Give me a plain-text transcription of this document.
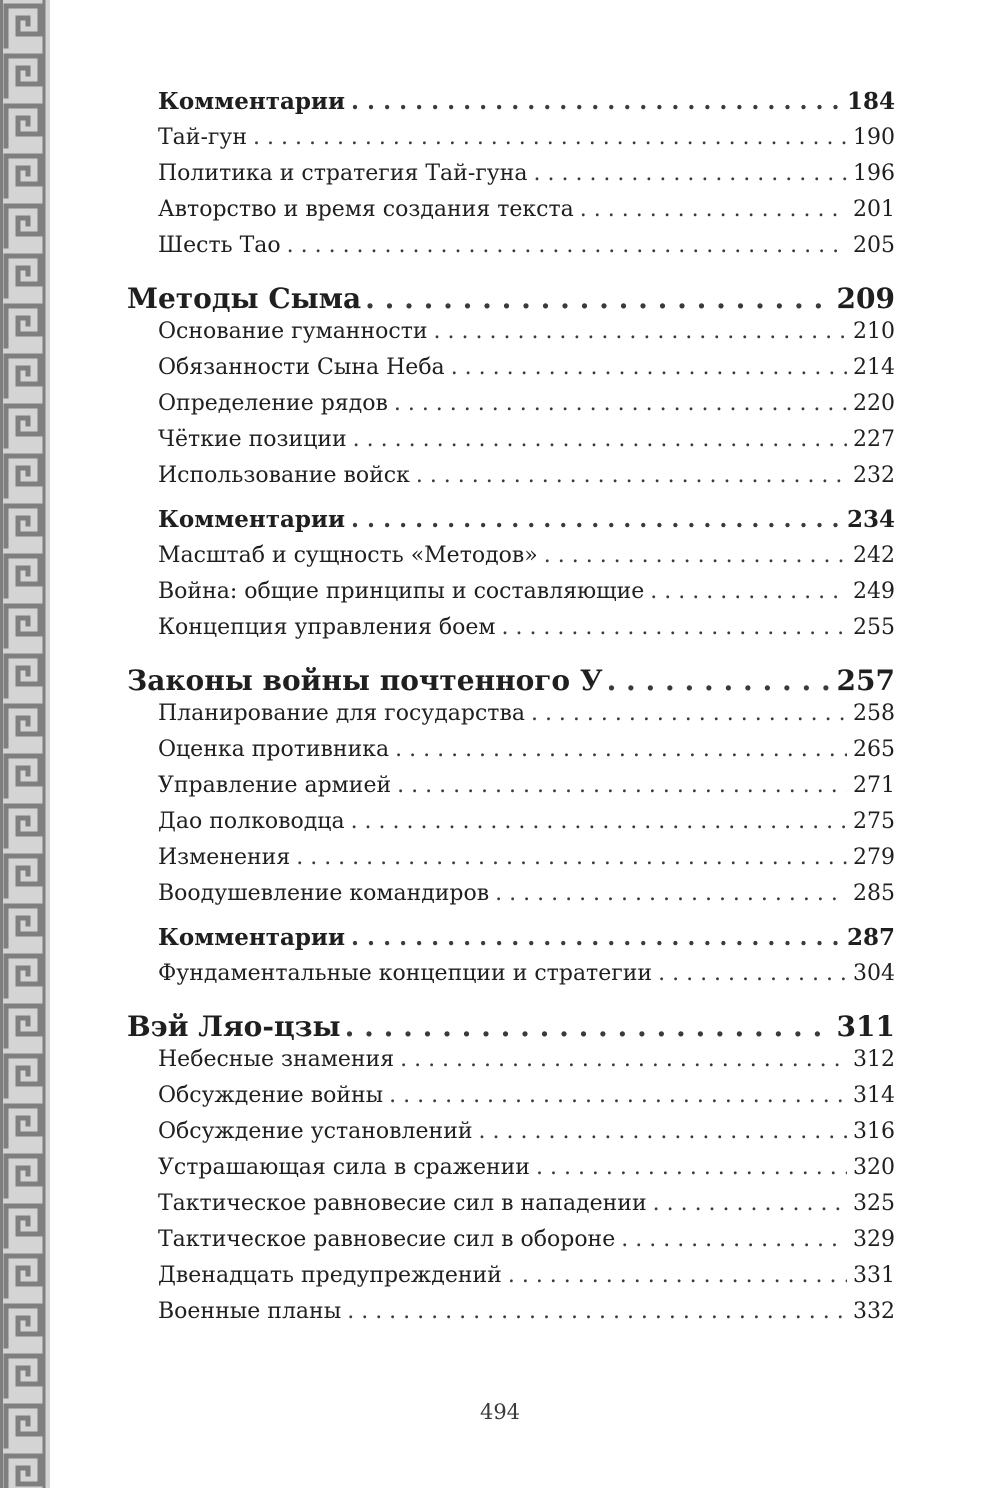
Комментарии . . .	184
Тай-гун . . .	190
Политика и стратегия Тай-гуна . . .	196
Авторство и время создания текста . . .	201
Шесть Тао . . .	205
Методы Сыма . . .	209
Основание гуманности . . .	210
Обязанности Сына Неба . . .	214
Определение рядов . . .	220
Чёткие позиции . . .	227
Использование войск . . .	232
Комментарии . . .	234
Масштаб и сущность «Методов» . . .	242
Война: общие принципы и составляющие . . .	249
Концепция управления боем . . .	255
Законы войны почтенного У . . .	257
Планирование для государства . . .	258
Оценка противника . . .	265
Управление армией . . .	271
Дао полководца . . .	275
Изменения . . .	279
Воодушевление командиров . . .	285
Комментарии . . .	287
Фундаментальные концепции и стратегии . . .	304
Вэй Ляо-цзы . . .	311
Небесные знамения . . .	312
Обсуждение войны . . .	314
Обсуждение установлений . . .	316
Устрашающая сила в сражении . . .	320
Тактическое равновесие сил в нападении . . .	325
Тактическое равновесие сил в обороне . . .	329
Двенадцать предупреждений . . .	331
Военные планы . . .	332
494
